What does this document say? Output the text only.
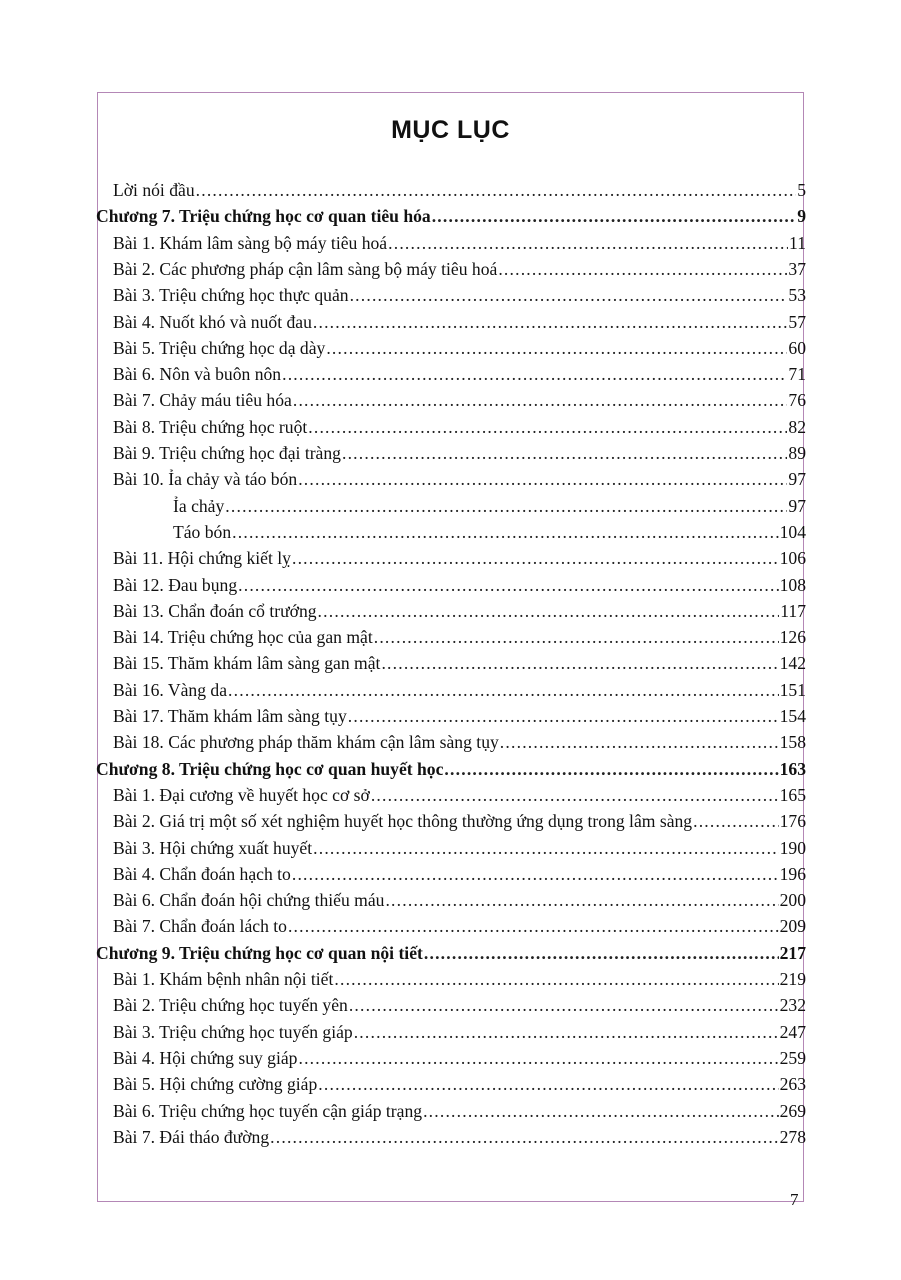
MỤC LỤC
Lời nói đầu .....	5
Chương 7. Triệu chứng học cơ quan tiêu hóa .....	9
Bài 1. Khám lâm sàng bộ máy tiêu hoá .....	11
Bài 2. Các phương pháp cận lâm sàng bộ máy tiêu hoá .....	37
Bài 3. Triệu chứng học thực quản .....	53
Bài 4. Nuốt khó và nuốt đau .....	57
Bài 5. Triệu chứng học dạ dày .....	60
Bài 6. Nôn và buôn nôn .....	71
Bài 7. Chảy máu tiêu hóa .....	76
Bài 8. Triệu chứng học ruột .....	82
Bài 9. Triệu chứng học đại tràng .....	89
Bài 10. Ỉa chảy và táo bón .....	97
Ỉa chảy .....	97
Táo bón .....	104
Bài 11. Hội chứng kiết lỵ .....	106
Bài 12. Đau bụng .....	108
Bài 13. Chẩn đoán cổ trướng .....	117
Bài 14. Triệu chứng học của gan mật .....	126
Bài 15. Thăm khám lâm sàng gan mật .....	142
Bài 16. Vàng da .....	151
Bài 17. Thăm khám lâm sàng tụy .....	154
Bài 18. Các phương pháp thăm khám cận lâm sàng tụy .....	158
Chương 8. Triệu chứng học cơ quan huyết học .....	163
Bài 1. Đại cương về huyết học cơ sở .....	165
Bài 2. Giá trị một số xét nghiệm huyết học thông thường ứng dụng trong lâm sàng .....	176
Bài 3. Hội chứng xuất huyết .....	190
Bài 4. Chẩn đoán hạch to .....	196
Bài 6. Chẩn đoán hội chứng thiếu máu .....	200
Bài 7. Chẩn đoán lách to .....	209
Chương 9. Triệu chứng học cơ quan nội tiết .....	217
Bài 1. Khám bệnh nhân nội tiết .....	219
Bài 2. Triệu chứng học tuyến yên .....	232
Bài 3. Triệu chứng học tuyến giáp .....	247
Bài 4. Hội chứng suy giáp .....	259
Bài 5. Hội chứng cường giáp .....	263
Bài 6. Triệu chứng học tuyến cận giáp trạng .....	269
Bài 7. Đái tháo đường .....	278
7
